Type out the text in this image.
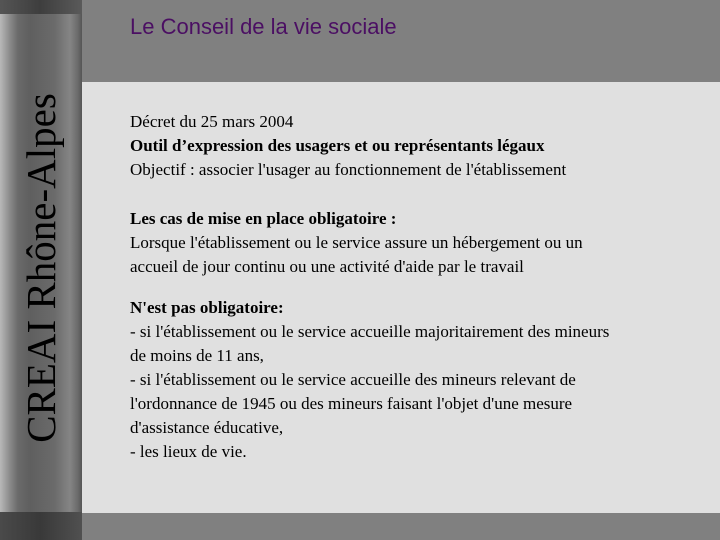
CREAI Rhône-Alpes
Le Conseil de la vie sociale

Décret du 25 mars 2004

Outil d’expression des usagers et ou représentants légaux

Objectif : associer l'usager au fonctionnement de l'établissement

Les cas de mise en place obligatoire :

Lorsque l'établissement ou le service assure un hébergement ou un

accueil de jour continu ou une activité d'aide par le travail

N'est pas obligatoire:

- si l'établissement ou le service accueille majoritairement des mineurs

de moins de 11 ans,

- si l'établissement ou le service accueille des mineurs relevant de

l'ordonnance de 1945 ou des mineurs faisant l'objet d'une mesure

d'assistance éducative,

- les lieux de vie.
